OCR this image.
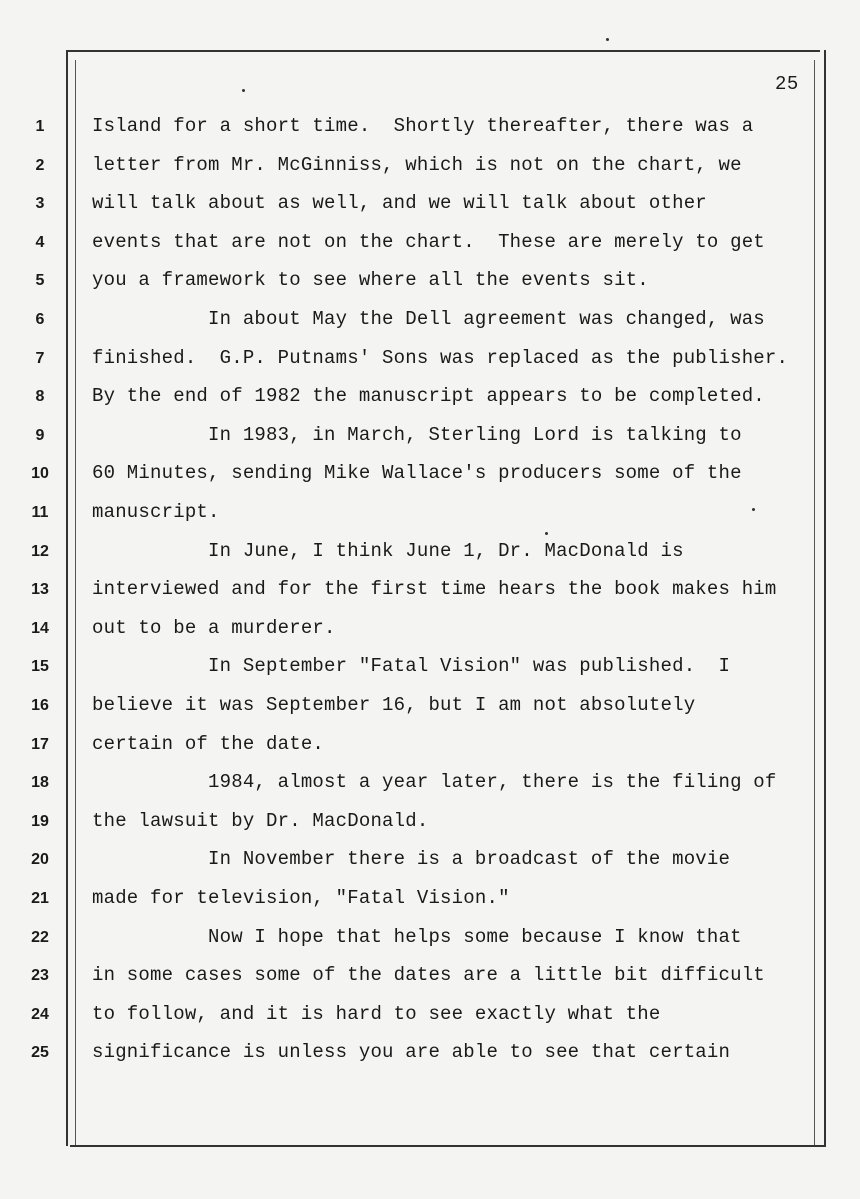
25
1	Island for a short time.  Shortly thereafter, there was a
2	letter from Mr. McGinniss, which is not on the chart, we
3	will talk about as well, and we will talk about other
4	events that are not on the chart.  These are merely to get
5	you a framework to see where all the events sit.
6	In about May the Dell agreement was changed, was
7	finished.  G.P. Putnams' Sons was replaced as the publisher.
8	By the end of 1982 the manuscript appears to be completed.
9	In 1983, in March, Sterling Lord is talking to
10	60 Minutes, sending Mike Wallace's producers some of the
11	manuscript.
12	In June, I think June 1, Dr. MacDonald is
13	interviewed and for the first time hears the book makes him
14	out to be a murderer.
15	In September "Fatal Vision" was published.  I
16	believe it was September 16, but I am not absolutely
17	certain of the date.
18	1984, almost a year later, there is the filing of
19	the lawsuit by Dr. MacDonald.
20	In November there is a broadcast of the movie
21	made for television, "Fatal Vision."
22	Now I hope that helps some because I know that
23	in some cases some of the dates are a little bit difficult
24	to follow, and it is hard to see exactly what the
25	significance is unless you are able to see that certain
